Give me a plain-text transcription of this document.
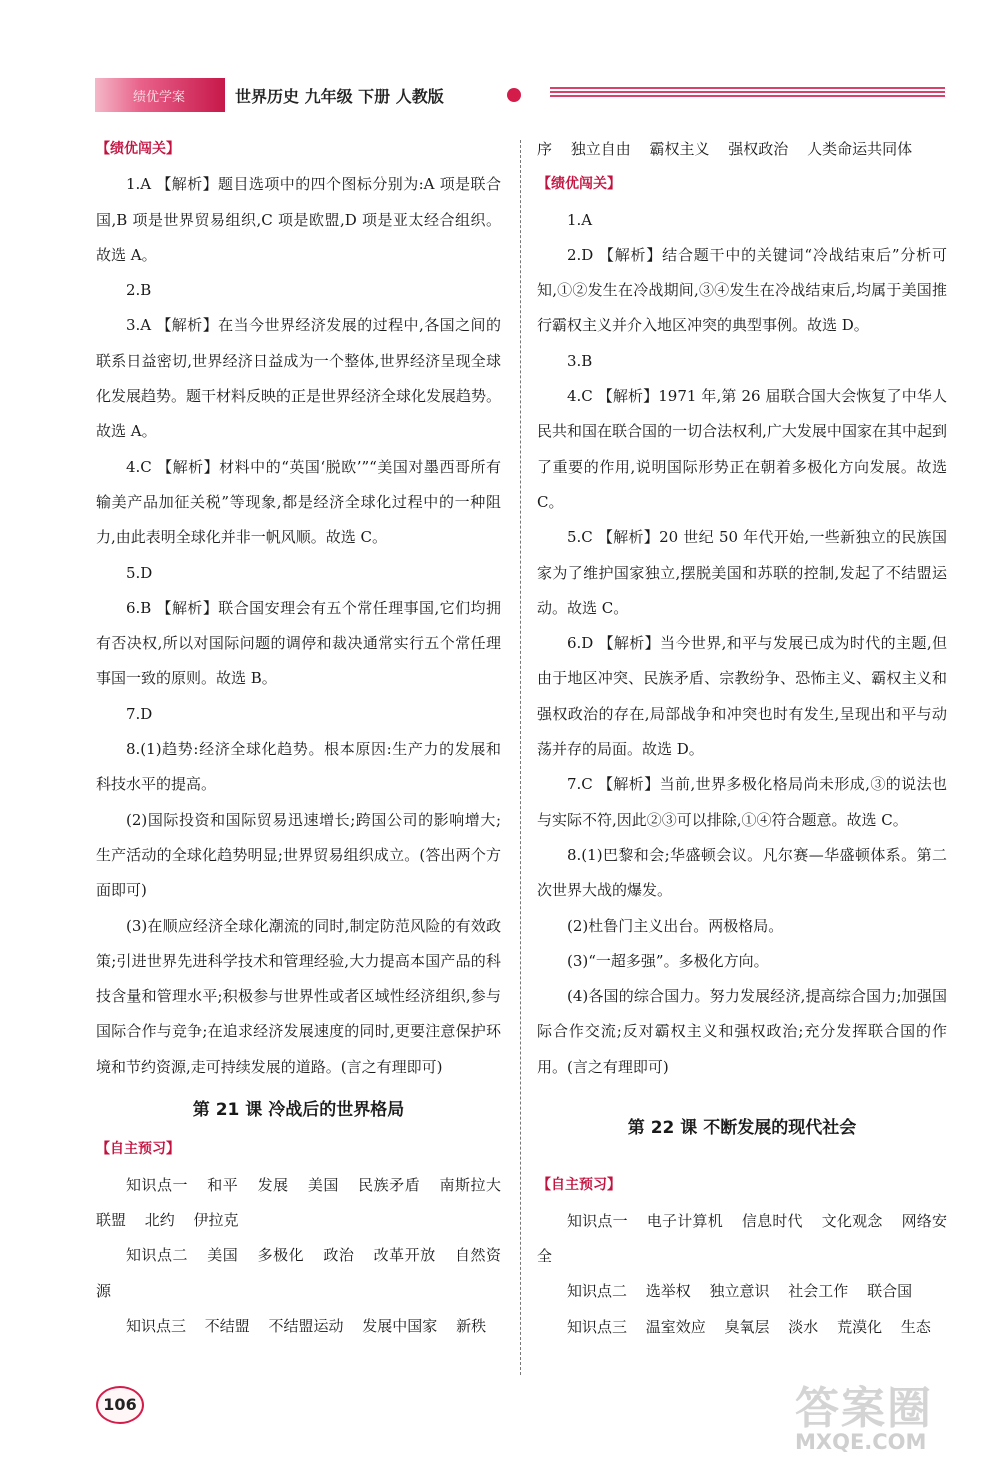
绩优学案	世界历史 九年级 下册 人教版

【绩优闯关】

1.A 【解析】题目选项中的四个图标分别为:A 项是联合国,B 项是世界贸易组织,C 项是欧盟,D 项是亚太经合组织。故选 A。

2.B

3.A 【解析】在当今世界经济发展的过程中,各国之间的联系日益密切,世界经济日益成为一个整体,世界经济呈现全球化发展趋势。题干材料反映的正是世界经济全球化发展趋势。故选 A。

4.C 【解析】材料中的“英国‘脱欧’”“美国对墨西哥所有输美产品加征关税”等现象,都是经济全球化过程中的一种阻力,由此表明全球化并非一帆风顺。故选 C。

5.D

6.B 【解析】联合国安理会有五个常任理事国,它们均拥有否决权,所以对国际问题的调停和裁决通常实行五个常任理事国一致的原则。故选 B。

7.D

8.(1)趋势:经济全球化趋势。根本原因:生产力的发展和科技水平的提高。

(2)国际投资和国际贸易迅速增长;跨国公司的影响增大;生产活动的全球化趋势明显;世界贸易组织成立。(答出两个方面即可)

(3)在顺应经济全球化潮流的同时,制定防范风险的有效政策;引进世界先进科学技术和管理经验,大力提高本国产品的科技含量和管理水平;积极参与世界性或者区域性经济组织,参与国际合作与竞争;在追求经济发展速度的同时,更要注意保护环境和节约资源,走可持续发展的道路。(言之有理即可)

第 21 课 冷战后的世界格局

【自主预习】

知识点一 和平 发展 美国 民族矛盾 南斯拉大联盟 北约 伊拉克

知识点二 美国 多极化 政治 改革开放 自然资源

知识点三 不结盟 不结盟运动 发展中国家 新秩

序 独立自由 霸权主义 强权政治 人类命运共同体

【绩优闯关】

1.A

2.D 【解析】结合题干中的关键词“冷战结束后”分析可知,①②发生在冷战期间,③④发生在冷战结束后,均属于美国推行霸权主义并介入地区冲突的典型事例。故选 D。

3.B

4.C 【解析】1971 年,第 26 届联合国大会恢复了中华人民共和国在联合国的一切合法权利,广大发展中国家在其中起到了重要的作用,说明国际形势正在朝着多极化方向发展。故选 C。

5.C 【解析】20 世纪 50 年代开始,一些新独立的民族国家为了维护国家独立,摆脱美国和苏联的控制,发起了不结盟运动。故选 C。

6.D 【解析】当今世界,和平与发展已成为时代的主题,但由于地区冲突、民族矛盾、宗教纷争、恐怖主义、霸权主义和强权政治的存在,局部战争和冲突也时有发生,呈现出和平与动荡并存的局面。故选 D。

7.C 【解析】当前,世界多极化格局尚未形成,③的说法也与实际不符,因此②③可以排除,①④符合题意。故选 C。

8.(1)巴黎和会;华盛顿会议。凡尔赛—华盛顿体系。第二次世界大战的爆发。

(2)杜鲁门主义出台。两极格局。

(3)“一超多强”。多极化方向。

(4)各国的综合国力。努力发展经济,提高综合国力;加强国际合作交流;反对霸权主义和强权政治;充分发挥联合国的作用。(言之有理即可)

第 22 课 不断发展的现代社会

【自主预习】

知识点一 电子计算机 信息时代 文化观念 网络安全

知识点二 选举权 独立意识 社会工作 联合国

知识点三 温室效应 臭氧层 淡水 荒漠化 生态

106	答案圈
MXQE.COM
